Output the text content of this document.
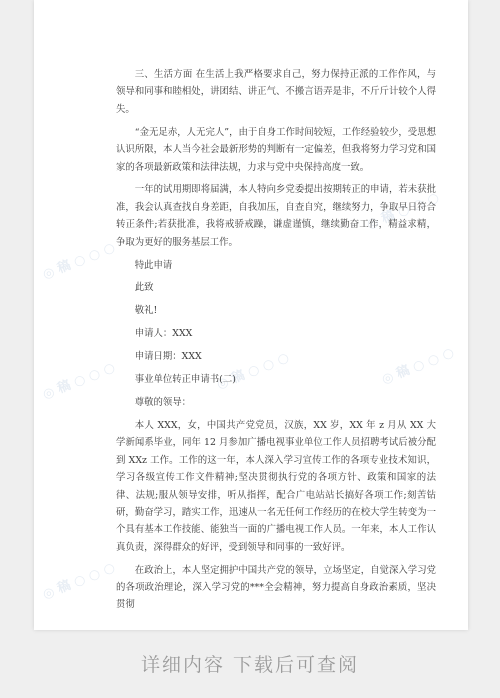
◎ 稿 ○ ○ ○
◎ 稿 ○ ○ ○
◎ 稿 ○ ○ ○	◎ 稿 ○ ○ ○	◎ 稿 ○ ○ ○
◎ 稿 ○ ○ ○

三、生活方面 在生活上我严格要求自己，努力保持正派的工作作风，与领导和同事和睦相处，讲团结、讲正气、不搬言语弄是非，不斤斤计较个人得失。

“金无足赤，人无完人”，由于自身工作时间较短，工作经验较少，受思想认识所限，本人当今社会最新形势的判断有一定偏差，但我将努力学习党和国家的各项最新政策和法律法规，力求与党中央保持高度一致。

一年的试用期即将届满，本人特向乡党委提出按期转正的申请，若未获批准，我会认真查找自身差距，自我加压，自查自究，继续努力，争取早日符合转正条件;若获批准，我将戒骄戒躁，谦虚谨慎，继续勤奋工作，精益求精，争取为更好的服务基层工作。

特此申请

此致

敬礼!

申请人：XXX

申请日期：XXX

事业单位转正申请书(二)

尊敬的领导：

本人 XXX，女，中国共产党党员，汉族，XX 岁，XX 年 z 月从 XX 大学新闻系毕业，同年 12 月参加广播电视事业单位工作人员招聘考试后被分配到 XXz 工作。工作的这一年，本人深入学习宣传工作的各项专业技术知识，学习各级宣传工作文件精神;坚决贯彻执行党的各项方针、政策和国家的法律、法规;服从领导安排，听从指挥，配合广电站站长搞好各项工作;刻苦钻研，勤奋学习，踏实工作，迅速从一名无任何工作经历的在校大学生转变为一个具有基本工作技能、能独当一面的广播电视工作人员。一年来，本人工作认真负责，深得群众的好评，受到领导和同事的一致好评。

在政治上，本人坚定拥护中国共产党的领导，立场坚定，自觉深入学习党的各项政治理论，深入学习党的***全会精神，努力提高自身政治素质，坚决贯彻

详细内容 下载后可查阅
